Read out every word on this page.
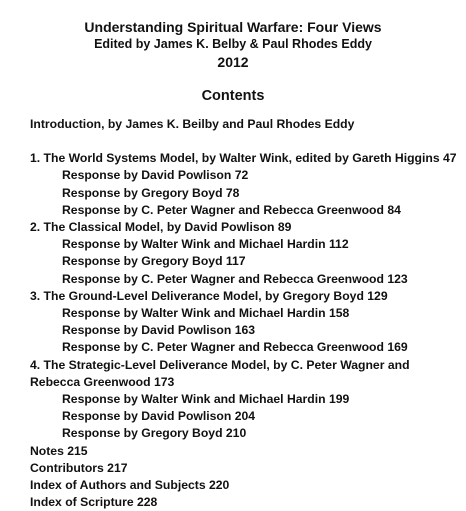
Understanding Spiritual Warfare: Four Views
Edited by James K. Belby & Paul Rhodes Eddy
2012
Contents
Introduction, by James K. Beilby and Paul Rhodes Eddy
1. The World Systems Model, by Walter Wink, edited by Gareth Higgins 47
Response by David Powlison 72
Response by Gregory Boyd 78
Response by C. Peter Wagner and Rebecca Greenwood 84
2. The Classical Model, by David Powlison 89
Response by Walter Wink and Michael Hardin 112
Response by Gregory Boyd 117
Response by C. Peter Wagner and Rebecca Greenwood 123
3. The Ground-Level Deliverance Model, by Gregory Boyd 129
Response by Walter Wink and Michael Hardin 158
Response by David Powlison 163
Response by C. Peter Wagner and Rebecca Greenwood 169
4. The Strategic-Level Deliverance Model, by C. Peter Wagner and Rebecca Greenwood 173
Response by Walter Wink and Michael Hardin 199
Response by David Powlison 204
Response by Gregory Boyd 210
Notes 215
Contributors 217
Index of Authors and Subjects 220
Index of Scripture 228
